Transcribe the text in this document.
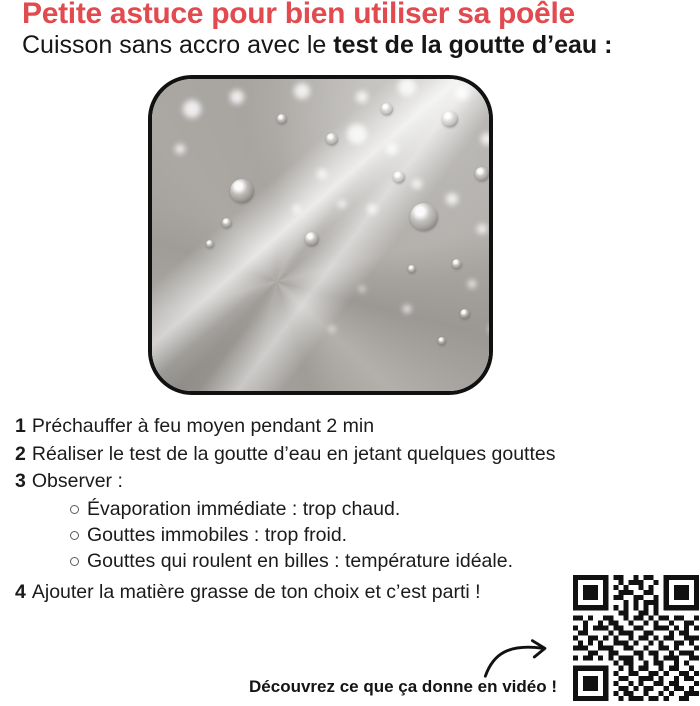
Petite astuce pour bien utiliser sa poêle

Cuisson sans accro avec le test de la goutte d’eau :

1 Préchauffer à feu moyen pendant 2 min
2 Réaliser le test de la goutte d’eau en jetant quelques gouttes
3 Observer :
Évaporation immédiate : trop chaud.
Gouttes immobiles : trop froid.
Gouttes qui roulent en billes : température idéale.
4 Ajouter la matière grasse de ton choix et c’est parti !

Découvrez ce que ça donne en vidéo !
